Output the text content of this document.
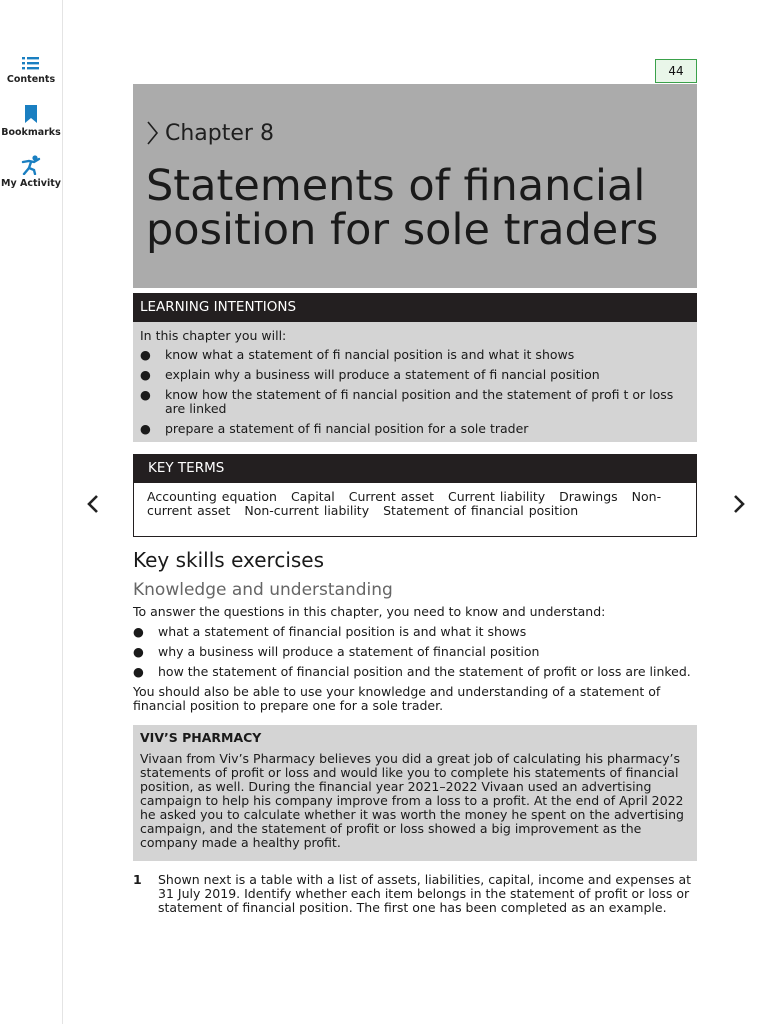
Contents
Bookmarks
My Activity
44
Chapter 8
Statements of financial
position for sole traders
LEARNING INTENTIONS
In this chapter you will:
● know what a statement of fi nancial position is and what it shows
● explain why a business will produce a statement of fi nancial position
● know how the statement of fi nancial position and the statement of profi t or loss are linked
● prepare a statement of fi nancial position for a sole trader
KEY TERMS
Accounting equation Capital Current asset Current liability Drawings Non-current asset Non-current liability Statement of financial position
Key skills exercises
Knowledge and understanding
To answer the questions in this chapter, you need to know and understand:
● what a statement of financial position is and what it shows
● why a business will produce a statement of financial position
● how the statement of financial position and the statement of profit or loss are linked.
You should also be able to use your knowledge and understanding of a statement of financial position to prepare one for a sole trader.
VIV’S PHARMACY
Vivaan from Viv’s Pharmacy believes you did a great job of calculating his pharmacy’s statements of profit or loss and would like you to complete his statements of financial position, as well. During the financial year 2021–2022 Vivaan used an advertising campaign to help his company improve from a loss to a profit. At the end of April 2022 he asked you to calculate whether it was worth the money he spent on the advertising campaign, and the statement of profit or loss showed a big improvement as the company made a healthy profit.
1 Shown next is a table with a list of assets, liabilities, capital, income and expenses at 31 July 2019. Identify whether each item belongs in the statement of profit or loss or statement of financial position. The first one has been completed as an example.
